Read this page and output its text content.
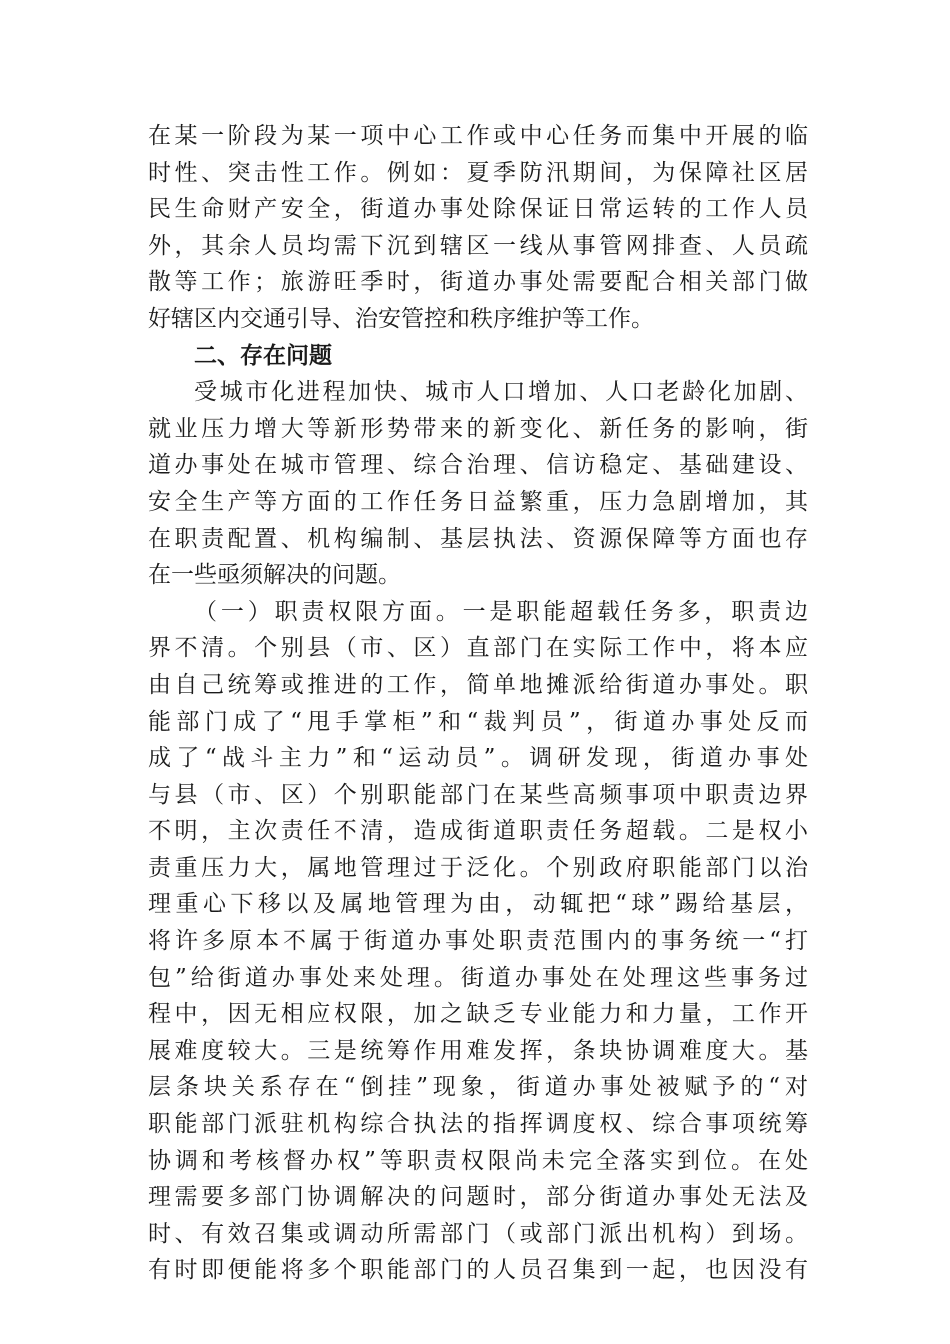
在某一阶段为某一项中心工作或中心任务而集中开展的临
时性、突击性工作。例如：夏季防汛期间，为保障社区居
民生命财产安全，街道办事处除保证日常运转的工作人员
外，其余人员均需下沉到辖区一线从事管网排查、人员疏
散等工作；旅游旺季时，街道办事处需要配合相关部门做
好辖区内交通引导、治安管控和秩序维护等工作。
二、存在问题
受城市化进程加快、城市人口增加、人口老龄化加剧、
就业压力增大等新形势带来的新变化、新任务的影响，街
道办事处在城市管理、综合治理、信访稳定、基础建设、
安全生产等方面的工作任务日益繁重，压力急剧增加，其
在职责配置、机构编制、基层执法、资源保障等方面也存
在一些亟须解决的问题。
（一）职责权限方面。一是职能超载任务多，职责边
界不清。个别县（市、区）直部门在实际工作中，将本应
由自己统筹或推进的工作，简单地摊派给街道办事处。职
能部门成了“甩手掌柜”和“裁判员”，街道办事处反而
成了“战斗主力”和“运动员”。调研发现，街道办事处
与县（市、区）个别职能部门在某些高频事项中职责边界
不明，主次责任不清，造成街道职责任务超载。二是权小
责重压力大，属地管理过于泛化。个别政府职能部门以治
理重心下移以及属地管理为由，动辄把“球”踢给基层，
将许多原本不属于街道办事处职责范围内的事务统一“打
包”给街道办事处来处理。街道办事处在处理这些事务过
程中，因无相应权限，加之缺乏专业能力和力量，工作开
展难度较大。三是统筹作用难发挥，条块协调难度大。基
层条块关系存在“倒挂”现象，街道办事处被赋予的“对
职能部门派驻机构综合执法的指挥调度权、综合事项统筹
协调和考核督办权”等职责权限尚未完全落实到位。在处
理需要多部门协调解决的问题时，部分街道办事处无法及
时、有效召集或调动所需部门（或部门派出机构）到场。
有时即便能将多个职能部门的人员召集到一起，也因没有
